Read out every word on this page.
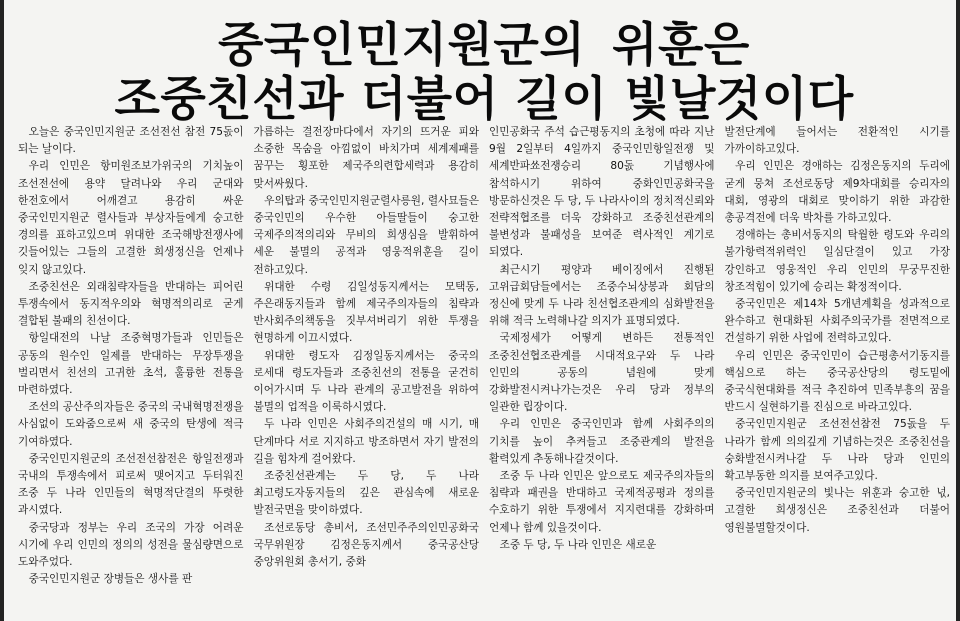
중국인민지원군의 위훈은
조중친선과 더불어 길이 빛날것이다

오늘은 중국인민지원군 조선전선 참전 75돐이 되는 날이다.

우리 인민은 항미원조보가위국의 기치높이 조선전선에 용약 달려나와 우리 군대와 한전호에서 어깨겯고 용감히 싸운 중국인민지원군 렬사들과 부상자들에게 숭고한 경의를 표하고있으며 위대한 조국해방전쟁사에 깃들어있는 그들의 고결한 희생정신을 언제나 잊지 않고있다.

조중친선은 외래침략자들을 반대하는 피어린 투쟁속에서 동지적우의와 혁명적의리로 굳게 결합된 불패의 친선이다.

항일대전의 나날 조중혁명가들과 인민들은 공동의 원수인 일제를 반대하는 무장투쟁을 벌리면서 친선의 고귀한 초석, 훌륭한 전통을 마련하였다.

조선의 공산주의자들은 중국의 국내혁명전쟁을 사심없이 도와줌으로써 새 중국의 탄생에 적극 기여하였다.

중국인민지원군의 조선전선참전은 항일전쟁과 국내의 투쟁속에서 피로써 맺어지고 두터워진 조중 두 나라 인민들의 혁명적단결의 뚜렷한 과시였다.

중국당과 정부는 우리 조국의 가장 어려운 시기에 우리 인민의 정의의 성전을 물심량면으로 도와주었다.

중국인민지원군 장병들은 생사를 판

가름하는 결전장마다에서 자기의 뜨거운 피와 소중한 목숨을 아낌없이 바치가며 세계제패를 꿈꾸는 횡포한 제국주의련합세력과 용감히 맞서싸웠다.

우의탑과 중국인민지원군렬사릉원, 렬사묘들은 중국인민의 우수한 아들딸들이 숭고한 국제주의적의리와 무비의 희생심을 발휘하여 세운 불멸의 공적과 영웅적위훈을 길이 전하고있다.

위대한 수령 김일성동지께서는 모택동, 주은래동지들과 함께 제국주의자들의 침략과 반사회주의책동을 짓부셔버리기 위한 투쟁을 현명하게 이끄시였다.

위대한 령도자 김정일동지께서는 중국의 로세대 령도자들과 조중친선의 전통을 굳건히 이어가시며 두 나라 관계의 공고발전을 위하여 불멸의 업적을 이룩하시였다.

두 나라 인민은 사회주의건설의 매 시기, 매 단계마다 서로 지지하고 방조하면서 자기 발전의 길을 힘차게 걸어왔다.

조중친선관계는 두 당, 두 나라 최고령도자동지들의 깊은 관심속에 새로운 발전국면을 맞이하였다.

조선로동당 총비서, 조선민주주의인민공화국 국무위원장 김정은동지께서 중국공산당 중앙위원회 총서기, 중화

인민공화국 주석 습근평동지의 초청에 따라 지난 9월 2일부터 4일까지 중국인민항일전쟁 및 세계반파쑈전쟁승리 80돐 기념행사에 참석하시기 위하여 중화인민공화국을 방문하신것은 두 당, 두 나라사이의 정치적신뢰와 전략적협조를 더욱 강화하고 조중친선관계의 불변성과 불패성을 보여준 력사적인 계기로 되였다.

최근시기 평양과 베이징에서 진행된 고위급회담들에서는 조중수뇌상봉과 회담의 정신에 맞게 두 나라 친선협조관계의 심화발전을 위해 적극 노력해나갈 의지가 표명되였다.

국제정세가 어떻게 변하든 전통적인 조중친선협조관계를 시대적요구와 두 나라 인민의 공동의 념원에 맞게 강화발전시켜나가는것은 우리 당과 정부의 일관한 립장이다.

우리 인민은 중국인민과 함께 사회주의의 기치를 높이 추켜들고 조중관계의 발전을 활력있게 추동해나갈것이다.

조중 두 나라 인민은 앞으로도 제국주의자들의 침략과 패권을 반대하고 국제적공평과 정의를 수호하기 위한 투쟁에서 지지련대를 강화하며 언제나 함께 있을것이다.

조중 두 당, 두 나라 인민은 새로운

발전단계에 들어서는 전환적인 시기를 가까이하고있다.

우리 인민은 경애하는 김정은동지의 두리에 굳게 뭉쳐 조선로동당 제9차대회를 승리자의 대회, 영광의 대회로 맞이하기 위한 과감한 총공격전에 더욱 박차를 가하고있다.

경애하는 총비서동지의 탁월한 령도와 우리의 불가항력적위력인 일심단결이 있고 가장 강인하고 영웅적인 우리 인민의 무궁무진한 창조적힘이 있기에 승리는 확정적이다.

중국인민은 제14차 5개년계획을 성과적으로 완수하고 현대화된 사회주의국가를 전면적으로 건설하기 위한 사업에 전력하고있다.

우리 인민은 중국인민이 습근평총서기동지를 핵심으로 하는 중국공산당의 령도밑에 중국식현대화를 적극 추진하여 민족부흥의 꿈을 반드시 실현하기를 진심으로 바라고있다.

중국인민지원군 조선전선참전 75돐을 두 나라가 함께 의의깊게 기념하는것은 조중친선을 숭화발전시켜나갈 두 나라 당과 인민의 확고부동한 의지를 보여주고있다.

중국인민지원군의 빛나는 위훈과 숭고한 넋, 고결한 희생정신은 조중친선과 더불어 영원불멸할것이다.
